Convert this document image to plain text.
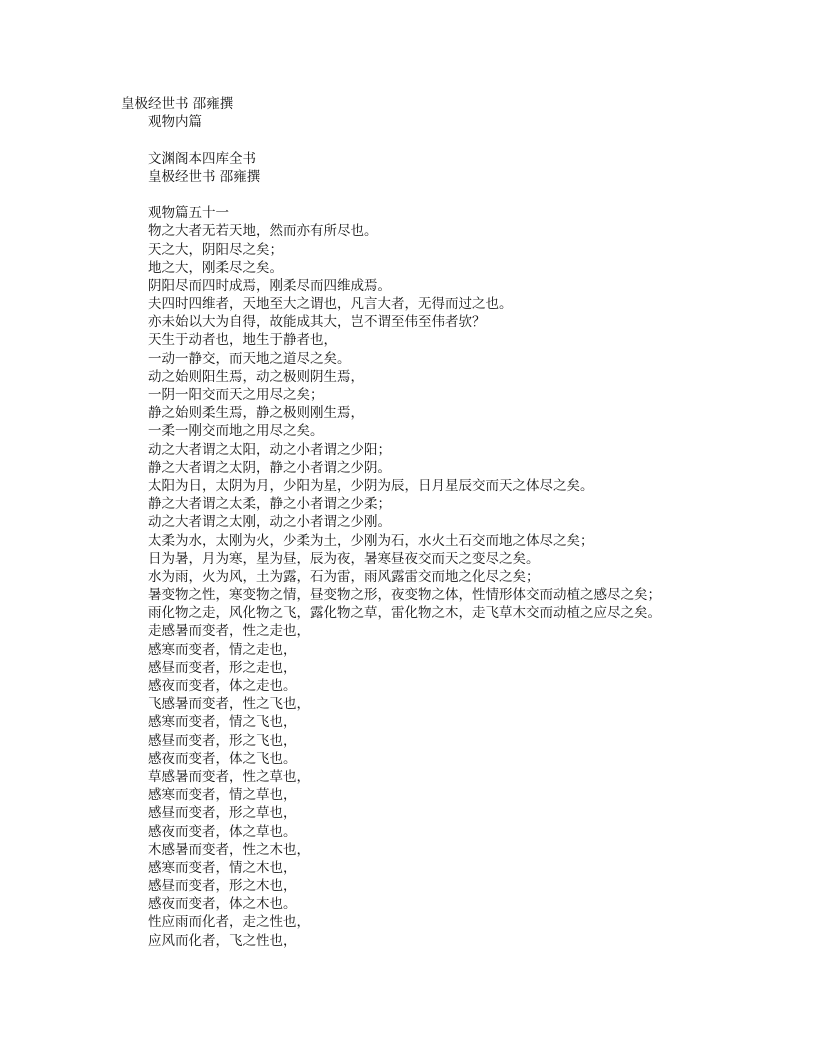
皇极经世书 邵雍撰
观物内篇
文渊阁本四库全书
皇极经世书 邵雍撰
观物篇五十一
物之大者无若天地，然而亦有所尽也。
天之大，阴阳尽之矣；
地之大，刚柔尽之矣。
阴阳尽而四时成焉，刚柔尽而四维成焉。
夫四时四维者，天地至大之谓也，凡言大者，无得而过之也。
亦未始以大为自得，故能成其大，岂不谓至伟至伟者欤？
天生于动者也，地生于静者也，
一动一静交，而天地之道尽之矣。
动之始则阳生焉，动之极则阴生焉，
一阴一阳交而天之用尽之矣；
静之始则柔生焉，静之极则刚生焉，
一柔一刚交而地之用尽之矣。
动之大者谓之太阳，动之小者谓之少阳；
静之大者谓之太阴，静之小者谓之少阴。
太阳为日，太阴为月，少阳为星，少阴为辰，日月星辰交而天之体尽之矣。
静之大者谓之太柔，静之小者谓之少柔；
动之大者谓之太刚，动之小者谓之少刚。
太柔为水，太刚为火，少柔为土，少刚为石，水火土石交而地之体尽之矣；
日为暑，月为寒，星为昼，辰为夜，暑寒昼夜交而天之变尽之矣。
水为雨，火为风，土为露，石为雷，雨风露雷交而地之化尽之矣；
暑变物之性，寒变物之情，昼变物之形，夜变物之体，性情形体交而动植之感尽之矣；
雨化物之走，风化物之飞，露化物之草，雷化物之木，走飞草木交而动植之应尽之矣。
走感暑而变者，性之走也，
感寒而变者，情之走也，
感昼而变者，形之走也，
感夜而变者，体之走也。
飞感暑而变者，性之飞也，
感寒而变者，情之飞也，
感昼而变者，形之飞也，
感夜而变者，体之飞也。
草感暑而变者，性之草也，
感寒而变者，情之草也，
感昼而变者，形之草也，
感夜而变者，体之草也。
木感暑而变者，性之木也，
感寒而变者，情之木也，
感昼而变者，形之木也，
感夜而变者，体之木也。
性应雨而化者，走之性也，
应风而化者，飞之性也，
